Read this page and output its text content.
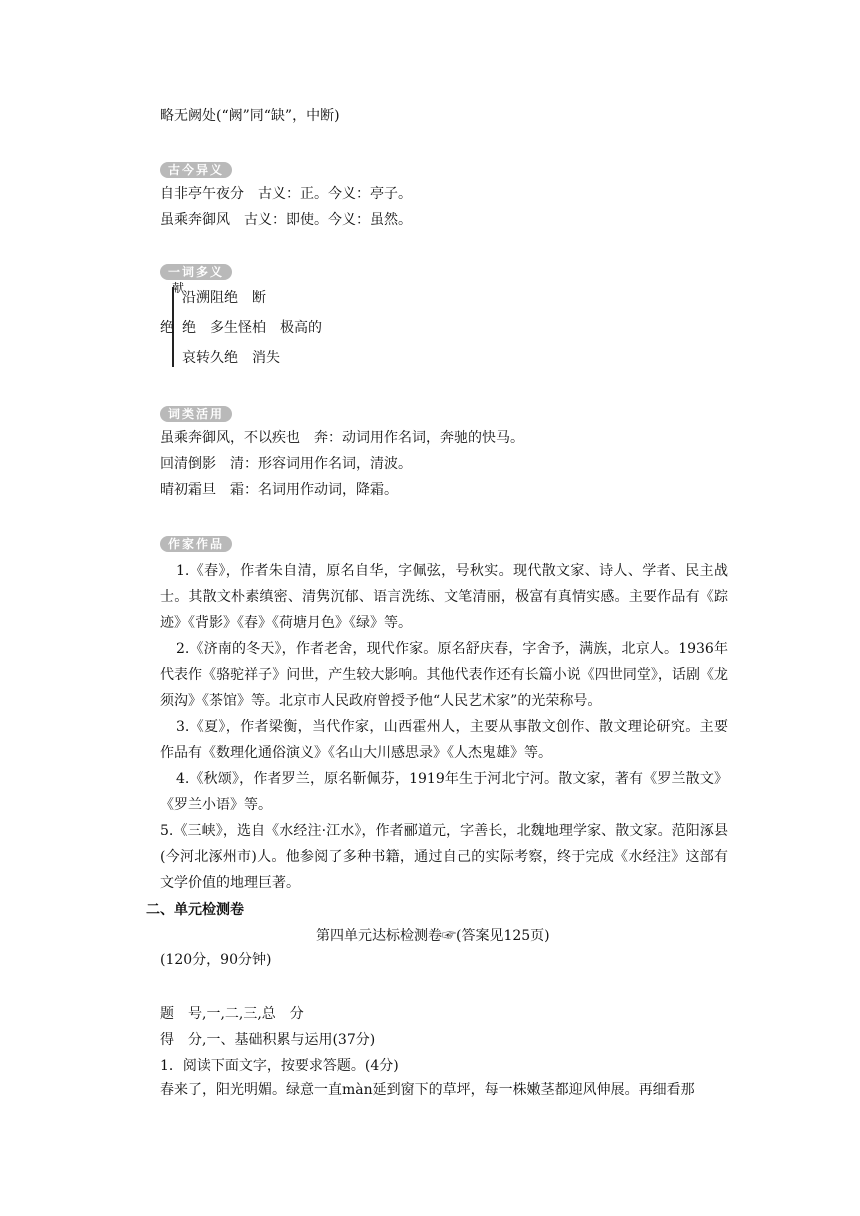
略无阙处(“阙”同“缺”，中断)
古今异义
自非亭午夜分　古义：正。今义：亭子。
虽乘奔御风　古义：即使。今义：虽然。
一词多义
献
绝
沿溯阻绝　断
绝　多生怪柏　极高的
哀转久绝　消失
词类活用
虽乘奔御风，不以疾也　奔：动词用作名词，奔驰的快马。
回清倒影　清：形容词用作名词，清波。
晴初霜旦　霜：名词用作动词，降霜。
作家作品
1.《春》，作者朱自清，原名自华，字佩弦，号秋实。现代散文家、诗人、学者、民主战士。其散文朴素缜密、清隽沉郁、语言洗练、文笔清丽，极富有真情实感。主要作品有《踪迹》《背影》《春》《荷塘月色》《绿》等。
2.《济南的冬天》，作者老舍，现代作家。原名舒庆春，字舍予，满族，北京人。1936年代表作《骆驼祥子》问世，产生较大影响。其他代表作还有长篇小说《四世同堂》，话剧《龙须沟》《茶馆》等。北京市人民政府曾授予他“人民艺术家”的光荣称号。
3.《夏》，作者梁衡，当代作家，山西霍州人，主要从事散文创作、散文理论研究。主要作品有《数理化通俗演义》《名山大川感思录》《人杰鬼雄》等。
4.《秋颂》，作者罗兰，原名靳佩芬，1919年生于河北宁河。散文家，著有《罗兰散文》《罗兰小语》等。
5.《三峡》，选自《水经注·江水》，作者郦道元，字善长，北魏地理学家、散文家。范阳涿县(今河北涿州市)人。他参阅了多种书籍，通过自己的实际考察，终于完成《水经注》这部有文学价值的地理巨著。
二、单元检测卷
第四单元达标检测卷☞(答案见125页)
(120分，90分钟)
题　号,一,二,三,总　分
得　分,一、基础积累与运用(37分)
1．阅读下面文字，按要求答题。(4分)
春来了，阳光明媚。绿意一直màn延到窗下的草坪，每一株嫩茎都迎风伸展。再细看那
